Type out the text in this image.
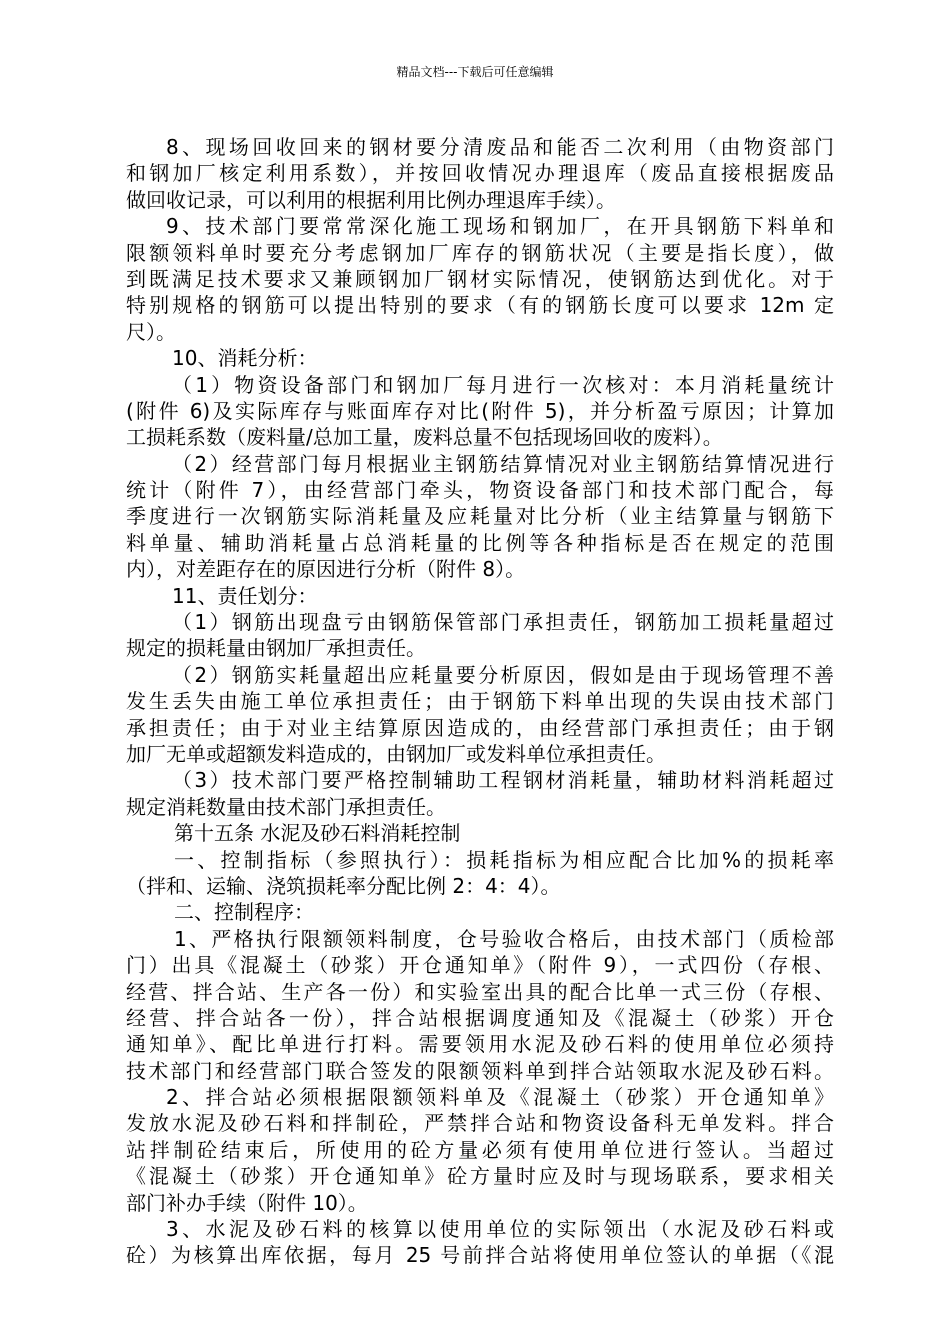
精品文档---下载后可任意编辑
8、现场回收回来的钢材要分清废品和能否二次利用（由物资部门
和钢加厂核定利用系数），并按回收情况办理退库（废品直接根据废品
做回收记录，可以利用的根据利用比例办理退库手续）。
9、技术部门要常常深化施工现场和钢加厂，在开具钢筋下料单和
限额领料单时要充分考虑钢加厂库存的钢筋状况（主要是指长度），做
到既满足技术要求又兼顾钢加厂钢材实际情况，使钢筋达到优化。对于
特别规格的钢筋可以提出特别的要求（有的钢筋长度可以要求 12m 定
尺）。
10、消耗分析：
（1）物资设备部门和钢加厂每月进行一次核对：本月消耗量统计
(附件 6)及实际库存与账面库存对比(附件 5)，并分析盈亏原因；计算加
工损耗系数（废料量/总加工量，废料总量不包括现场回收的废料）。
（2）经营部门每月根据业主钢筋结算情况对业主钢筋结算情况进行
统计（附件 7），由经营部门牵头，物资设备部门和技术部门配合，每
季度进行一次钢筋实际消耗量及应耗量对比分析（业主结算量与钢筋下
料单量、辅助消耗量占总消耗量的比例等各种指标是否在规定的范围
内），对差距存在的原因进行分析（附件 8）。
11、责任划分：
（1）钢筋出现盘亏由钢筋保管部门承担责任，钢筋加工损耗量超过
规定的损耗量由钢加厂承担责任。
（2）钢筋实耗量超出应耗量要分析原因，假如是由于现场管理不善
发生丢失由施工单位承担责任；由于钢筋下料单出现的失误由技术部门
承担责任；由于对业主结算原因造成的，由经营部门承担责任；由于钢
加厂无单或超额发料造成的，由钢加厂或发料单位承担责任。
（3）技术部门要严格控制辅助工程钢材消耗量，辅助材料消耗超过
规定消耗数量由技术部门承担责任。
第十五条 水泥及砂石料消耗控制
一、控制指标（参照执行）：损耗指标为相应配合比加%的损耗率
（拌和、运输、浇筑损耗率分配比例 2：4：4）。
二、控制程序：
1、严格执行限额领料制度，仓号验收合格后，由技术部门（质检部
门）出具《混凝土（砂浆）开仓通知单》（附件 9），一式四份（存根、
经营、拌合站、生产各一份）和实验室出具的配合比单一式三份（存根、
经营、拌合站各一份），拌合站根据调度通知及《混凝土（砂浆）开仓
通知单》、配比单进行打料。需要领用水泥及砂石料的使用单位必须持
技术部门和经营部门联合签发的限额领料单到拌合站领取水泥及砂石料。
2、拌合站必须根据限额领料单及《混凝土（砂浆）开仓通知单》
发放水泥及砂石料和拌制砼，严禁拌合站和物资设备科无单发料。拌合
站拌制砼结束后，所使用的砼方量必须有使用单位进行签认。当超过
《混凝土（砂浆）开仓通知单》砼方量时应及时与现场联系，要求相关
部门补办手续（附件 10）。
3、水泥及砂石料的核算以使用单位的实际领出（水泥及砂石料或
砼）为核算出库依据，每月 25 号前拌合站将使用单位签认的单据（《混
